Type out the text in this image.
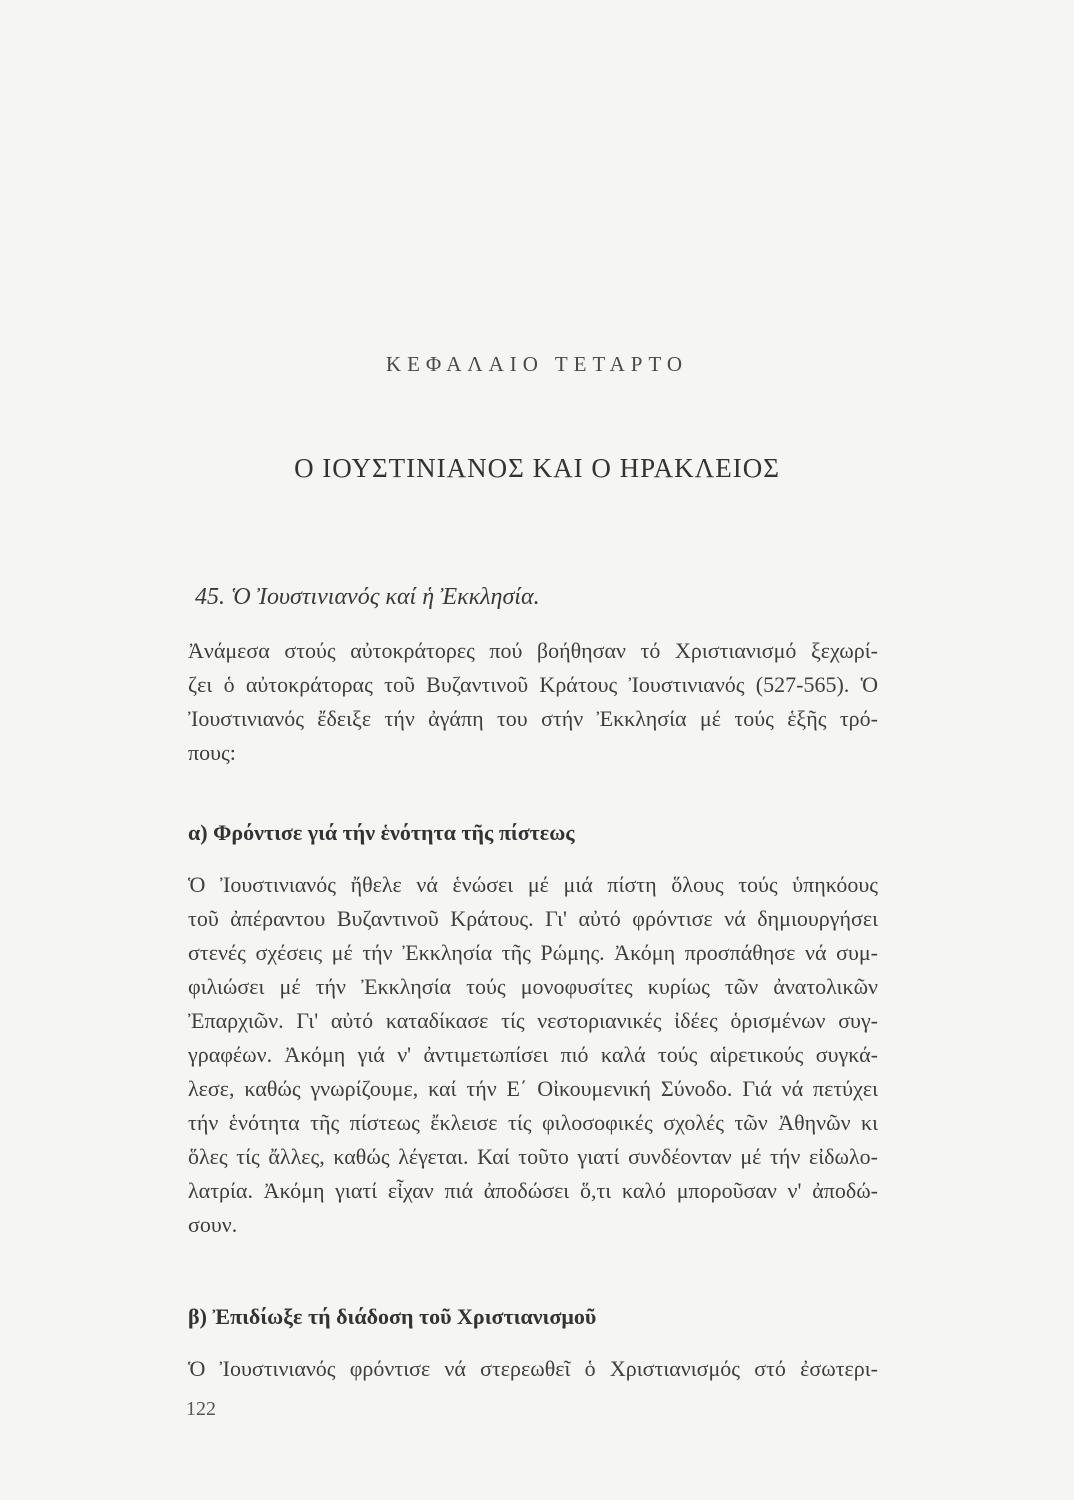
ΚΕΦΑΛΑΙΟ ΤΕΤΑΡΤΟ
Ο ΙΟΥΣΤΙΝΙΑΝΟΣ ΚΑΙ Ο ΗΡΑΚΛΕΙΟΣ
45. Ὁ Ἰουστινιανός καί ἡ Ἐκκλησία.
Ἀνάμεσα στούς αὐτοκράτορες πού βοήθησαν τό Χριστιανισμό ξεχωρί-
ζει ὁ αὐτοκράτορας τοῦ Βυζαντινοῦ Κράτους Ἰουστινιανός (527-565). Ὁ
Ἰουστινιανός ἔδειξε τήν ἀγάπη του στήν Ἐκκλησία μέ τούς ἑξῆς τρό-
πους:
α) Φρόντισε γιά τήν ἑνότητα τῆς πίστεως
Ὁ Ἰουστινιανός ἤθελε νά ἑνώσει μέ μιά πίστη ὅλους τούς ὑπηκόους
τοῦ ἀπέραντου Βυζαντινοῦ Κράτους. Γι' αὐτό φρόντισε νά δημιουργήσει
στενές σχέσεις μέ τήν Ἐκκλησία τῆς Ρώμης. Ἀκόμη προσπάθησε νά συμ-
φιλιώσει μέ τήν Ἐκκλησία τούς μονοφυσίτες κυρίως τῶν ἀνατολικῶν
Ἐπαρχιῶν. Γι' αὐτό καταδίκασε τίς νεστοριανικές ἰδέες ὁρισμένων συγ-
γραφέων. Ἀκόμη γιά ν' ἀντιμετωπίσει πιό καλά τούς αἱρετικούς συγκά-
λεσε, καθώς γνωρίζουμε, καί τήν Ε΄ Οἰκουμενική Σύνοδο. Γιά νά πετύχει
τήν ἑνότητα τῆς πίστεως ἔκλεισε τίς φιλοσοφικές σχολές τῶν Ἀθηνῶν κι
ὅλες τίς ἄλλες, καθώς λέγεται. Καί τοῦτο γιατί συνδέονταν μέ τήν εἰδωλο-
λατρία. Ἀκόμη γιατί εἶχαν πιά ἀποδώσει ὅ,τι καλό μποροῦσαν ν' ἀποδώ-
σουν.
β) Ἐπιδίωξε τή διάδοση τοῦ Χριστιανισμοῦ
Ὁ Ἰουστινιανός φρόντισε νά στερεωθεῖ ὁ Χριστιανισμός στό ἐσωτερι-
122
